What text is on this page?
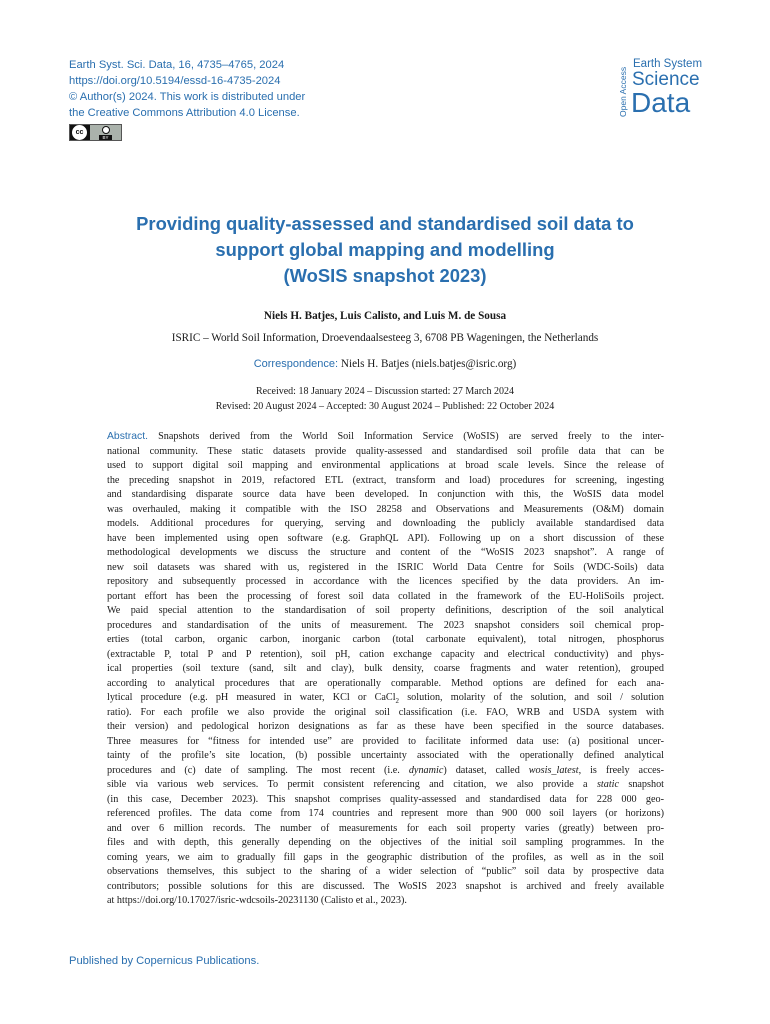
Earth Syst. Sci. Data, 16, 4735–4765, 2024
https://doi.org/10.5194/essd-16-4735-2024
© Author(s) 2024. This work is distributed under
the Creative Commons Attribution 4.0 License.
cc
BY
Open Access
Earth System
Science
Data
Providing quality-assessed and standardised soil data to
support global mapping and modelling
(WoSIS snapshot 2023)
Niels H. Batjes, Luis Calisto, and Luis M. de Sousa
ISRIC – World Soil Information, Droevendaalsesteeg 3, 6708 PB Wageningen, the Netherlands
Correspondence: Niels H. Batjes (niels.batjes@isric.org)
Received: 18 January 2024 – Discussion started: 27 March 2024
Revised: 20 August 2024 – Accepted: 30 August 2024 – Published: 22 October 2024
Abstract. Snapshots derived from the World Soil Information Service (WoSIS) are served freely to the inter-
national community. These static datasets provide quality-assessed and standardised soil profile data that can be
used to support digital soil mapping and environmental applications at broad scale levels. Since the release of
the preceding snapshot in 2019, refactored ETL (extract, transform and load) procedures for screening, ingesting
and standardising disparate source data have been developed. In conjunction with this, the WoSIS data model
was overhauled, making it compatible with the ISO 28258 and Observations and Measurements (O&M) domain
models. Additional procedures for querying, serving and downloading the publicly available standardised data
have been implemented using open software (e.g. GraphQL API). Following up on a short discussion of these
methodological developments we discuss the structure and content of the “WoSIS 2023 snapshot”. A range of
new soil datasets was shared with us, registered in the ISRIC World Data Centre for Soils (WDC-Soils) data
repository and subsequently processed in accordance with the licences specified by the data providers. An im-
portant effort has been the processing of forest soil data collated in the framework of the EU-HoliSoils project.
We paid special attention to the standardisation of soil property definitions, description of the soil analytical
procedures and standardisation of the units of measurement. The 2023 snapshot considers soil chemical prop-
erties (total carbon, organic carbon, inorganic carbon (total carbonate equivalent), total nitrogen, phosphorus
(extractable P, total P and P retention), soil pH, cation exchange capacity and electrical conductivity) and phys-
ical properties (soil texture (sand, silt and clay), bulk density, coarse fragments and water retention), grouped
according to analytical procedures that are operationally comparable. Method options are defined for each ana-
lytical procedure (e.g. pH measured in water, KCl or CaCl$_2$ solution, molarity of the solution, and soil / solution
ratio). For each profile we also provide the original soil classification (i.e. FAO, WRB and USDA system with
their version) and pedological horizon designations as far as these have been specified in the source databases.
Three measures for “fitness for intended use” are provided to facilitate informed data use: (a) positional uncer-
tainty of the profile’s site location, (b) possible uncertainty associated with the operationally defined analytical
procedures and (c) date of sampling. The most recent (i.e. dynamic) dataset, called wosis_latest, is freely acces-
sible via various web services. To permit consistent referencing and citation, we also provide a static snapshot
(in this case, December 2023). This snapshot comprises quality-assessed and standardised data for 228 000 geo-
referenced profiles. The data come from 174 countries and represent more than 900 000 soil layers (or horizons)
and over 6 million records. The number of measurements for each soil property varies (greatly) between pro-
files and with depth, this generally depending on the objectives of the initial soil sampling programmes. In the
coming years, we aim to gradually fill gaps in the geographic distribution of the profiles, as well as in the soil
observations themselves, this subject to the sharing of a wider selection of “public” soil data by prospective data
contributors; possible solutions for this are discussed. The WoSIS 2023 snapshot is archived and freely available
at https://doi.org/10.17027/isric-wdcsoils-20231130 (Calisto et al., 2023).
Published by Copernicus Publications.
